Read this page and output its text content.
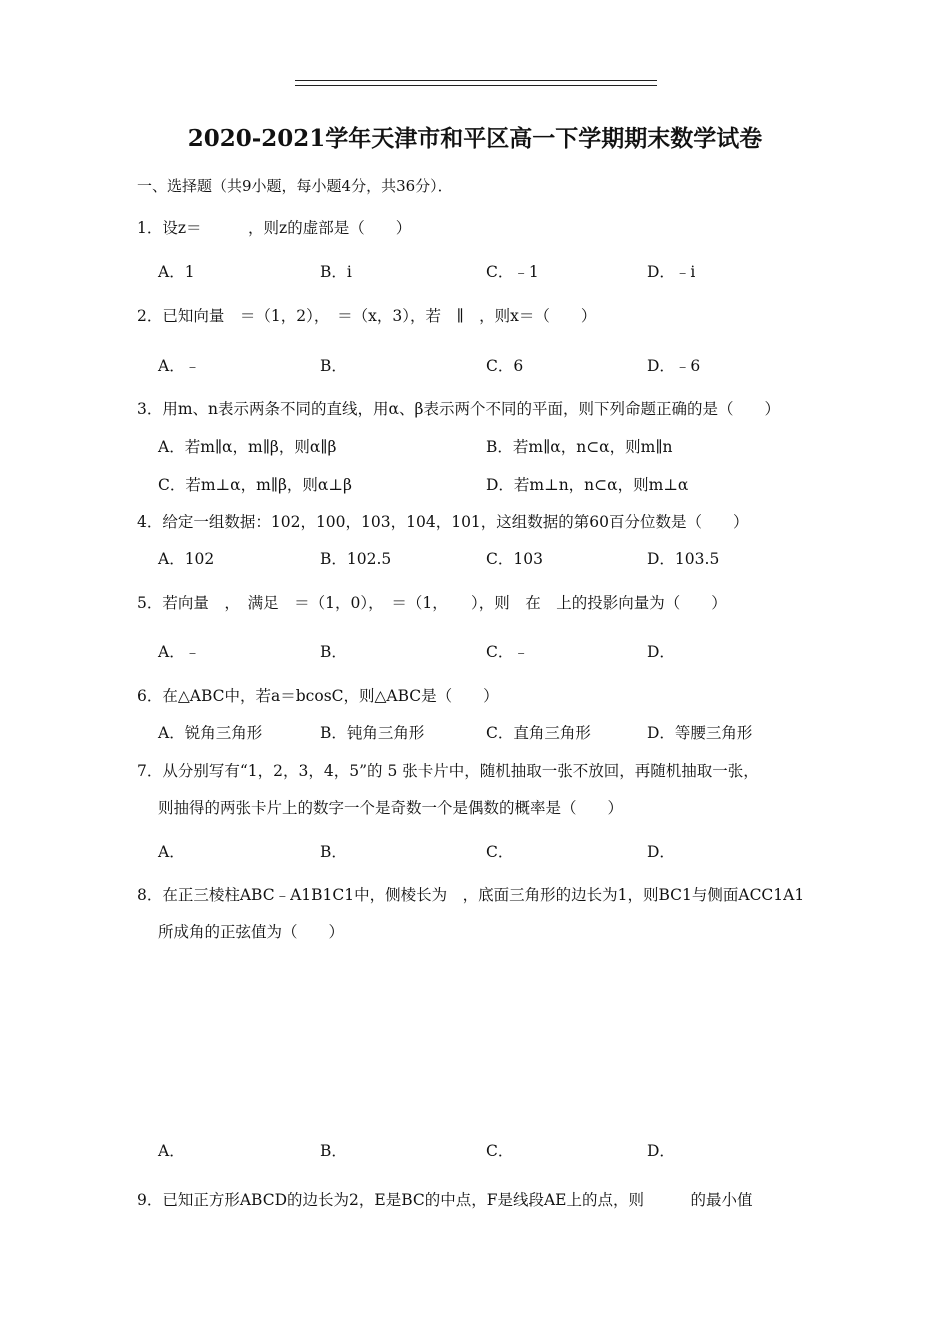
2020-2021学年天津市和平区高一下学期期末数学试卷
一、选择题（共9小题，每小题4分，共36分）．
1．设z＝　　　，则z的虚部是（　　）
A．1	B．i	C．﹣1	D．﹣i
2．已知向量　＝（1，2），　＝（x，3），若　∥　，则x＝（　　）
A．﹣	B．	C．6	D．﹣6
3．用m、n表示两条不同的直线，用α、β表示两个不同的平面，则下列命题正确的是（　　）
A．若m∥α，m∥β，则α∥β	B．若m∥α，n⊂α，则m∥n
C．若m⊥α，m∥β，则α⊥β	D．若m⊥n，n⊂α，则m⊥α
4．给定一组数据：102，100，103，104，101，这组数据的第60百分位数是（　　）
A．102	B．102.5	C．103	D．103.5
5．若向量　，　满足　＝（1，0），　＝（1，　　），则　在　上的投影向量为（　　）
A．﹣	B．	C．﹣	D．
6．在△ABC中，若a＝bcosC，则△ABC是（　　）
A．锐角三角形	B．钝角三角形	C．直角三角形	D．等腰三角形
7．从分别写有“1，2，3，4，5”的 5 张卡片中，随机抽取一张不放回，再随机抽取一张，
则抽得的两张卡片上的数字一个是奇数一个是偶数的概率是（　　）
A．	B．	C．	D．
8．在正三棱柱ABC﹣A1B1C1中，侧棱长为　，底面三角形的边长为1，则BC1与侧面ACC1A1
所成角的正弦值为（　　）
A．	B．	C．	D．
9．已知正方形ABCD的边长为2，E是BC的中点，F是线段AE上的点，则　　　的最小值
